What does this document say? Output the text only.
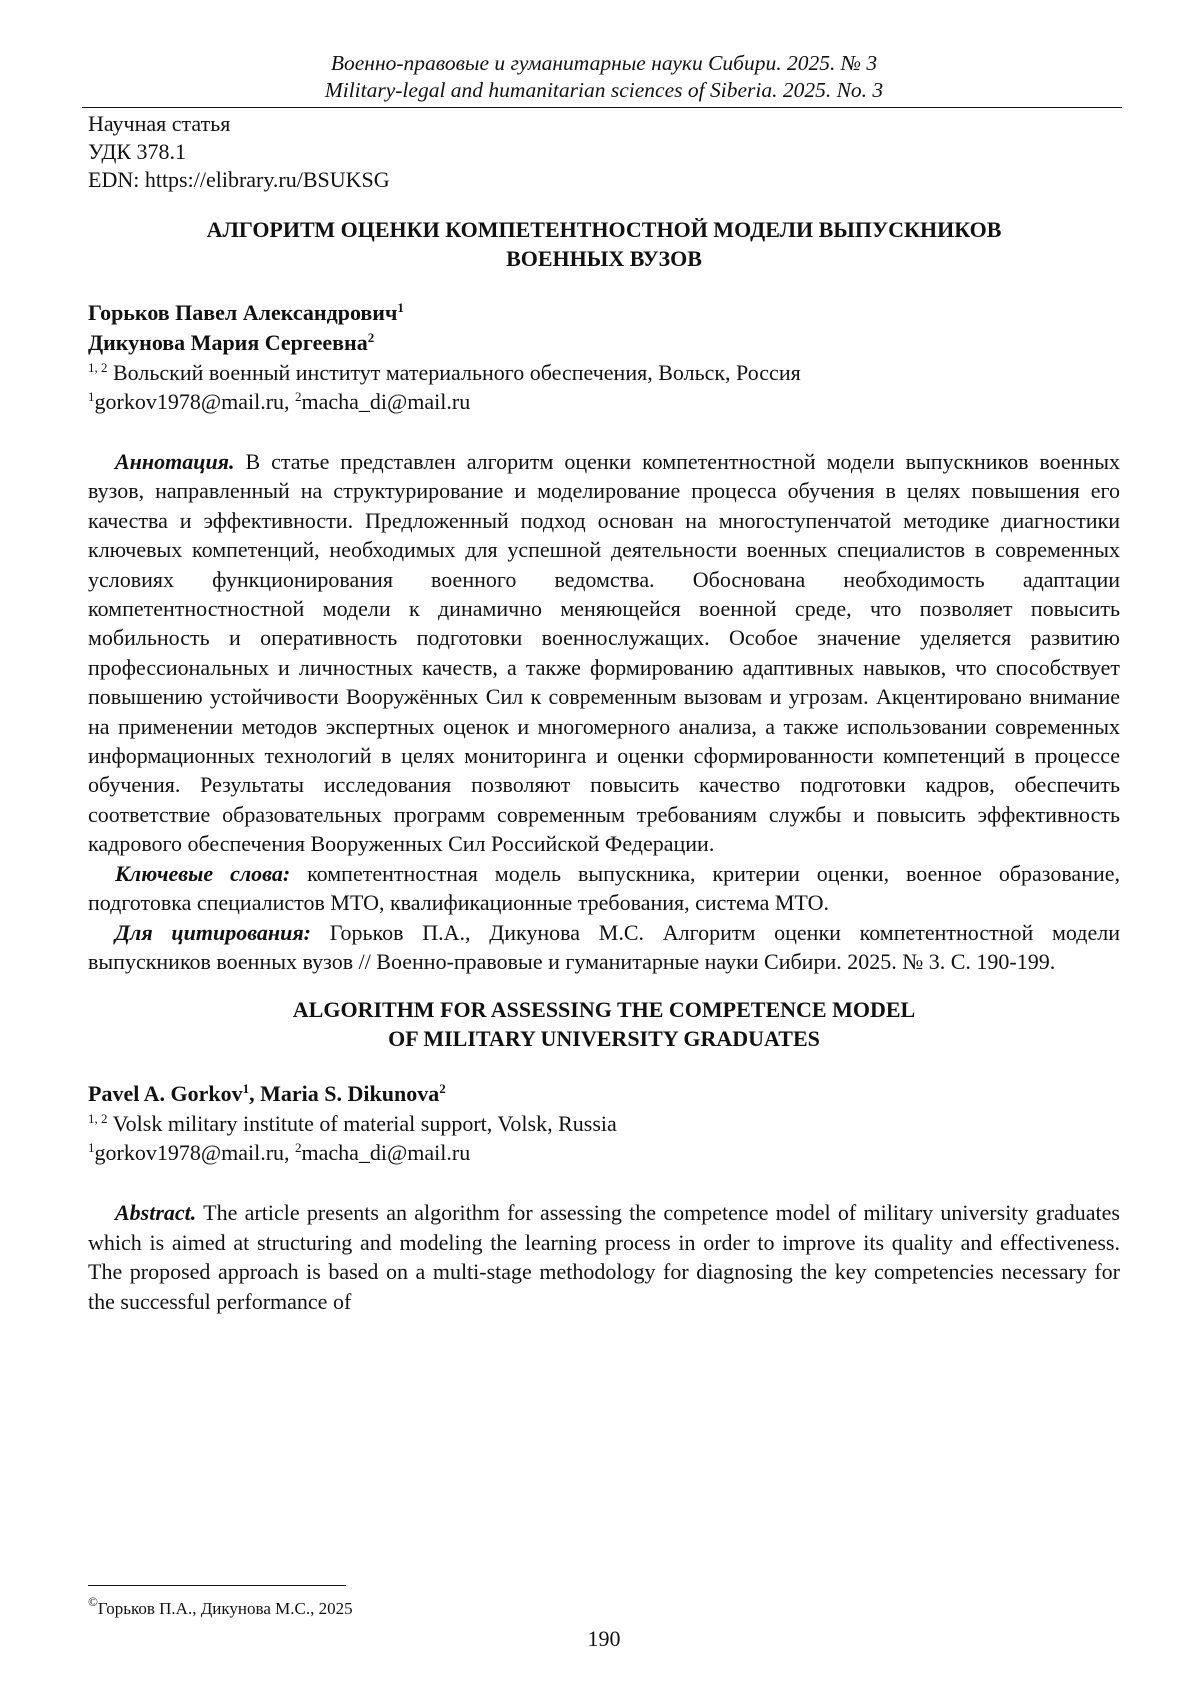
Военно-правовые и гуманитарные науки Сибири. 2025. № 3
Military-legal and humanitarian sciences of Siberia. 2025. No. 3
Научная статья
УДК 378.1
EDN: https://elibrary.ru/BSUKSG
АЛГОРИТМ ОЦЕНКИ КОМПЕТЕНТНОСТНОЙ МОДЕЛИ ВЫПУСКНИКОВ
ВОЕННЫХ ВУЗОВ
Горьков Павел Александрович$^1$
Дикунова Мария Сергеевна$^2$
$^{1, 2}$ Вольский военный институт материального обеспечения, Вольск, Россия
$^1$gorkov1978@mail.ru, $^2$macha_di@mail.ru

Аннотация. В статье представлен алгоритм оценки компетентностной модели выпускников военных вузов, направленный на структурирование и моделирование процесса обучения в целях повышения его качества и эффективности. Предложенный подход основан на многоступенчатой методике диагностики ключевых компетенций, необходимых для успешной деятельности военных специалистов в современных условиях функционирования военного ведомства. Обоснована необходимость адаптации компетентностностной модели к динамично меняющейся военной среде, что позволяет повысить мобильность и оперативность подготовки военнослужащих. Особое значение уделяется развитию профессиональных и личностных качеств, а также формированию адаптивных навыков, что способствует повышению устойчивости Вооружённых Сил к современным вызовам и угрозам. Акцентировано внимание на применении методов экспертных оценок и многомерного анализа, а также использовании современных информационных технологий в целях мониторинга и оценки сформированности компетенций в процессе обучения. Результаты исследования позволяют повысить качество подготовки кадров, обеспечить соответствие образовательных программ современным требованиям службы и повысить эффективность кадрового обеспечения Вооруженных Сил Российской Федерации.

Ключевые слова: компетентностная модель выпускника, критерии оценки, военное образование, подготовка специалистов МТО, квалификационные требования, система МТО.

Для цитирования: Горьков П.А., Дикунова М.С. Алгоритм оценки компетентностной модели выпускников военных вузов // Военно-правовые и гуманитарные науки Сибири. 2025. № 3. С. 190-199.

ALGORITHM FOR ASSESSING THE COMPETENCE MODEL
OF MILITARY UNIVERSITY GRADUATES
Pavel A. Gorkov$^1$, Maria S. Dikunova$^2$
$^{1, 2}$ Volsk military institute of material support, Volsk, Russia
$^1$gorkov1978@mail.ru, $^2$macha_di@mail.ru

Abstract. The article presents an algorithm for assessing the competence model of military university graduates which is aimed at structuring and modeling the learning process in order to improve its quality and effectiveness. The proposed approach is based on a multi-stage methodology for diagnosing the key competencies necessary for the successful performance of

©Горьков П.А., Дикунова М.С., 2025
190
